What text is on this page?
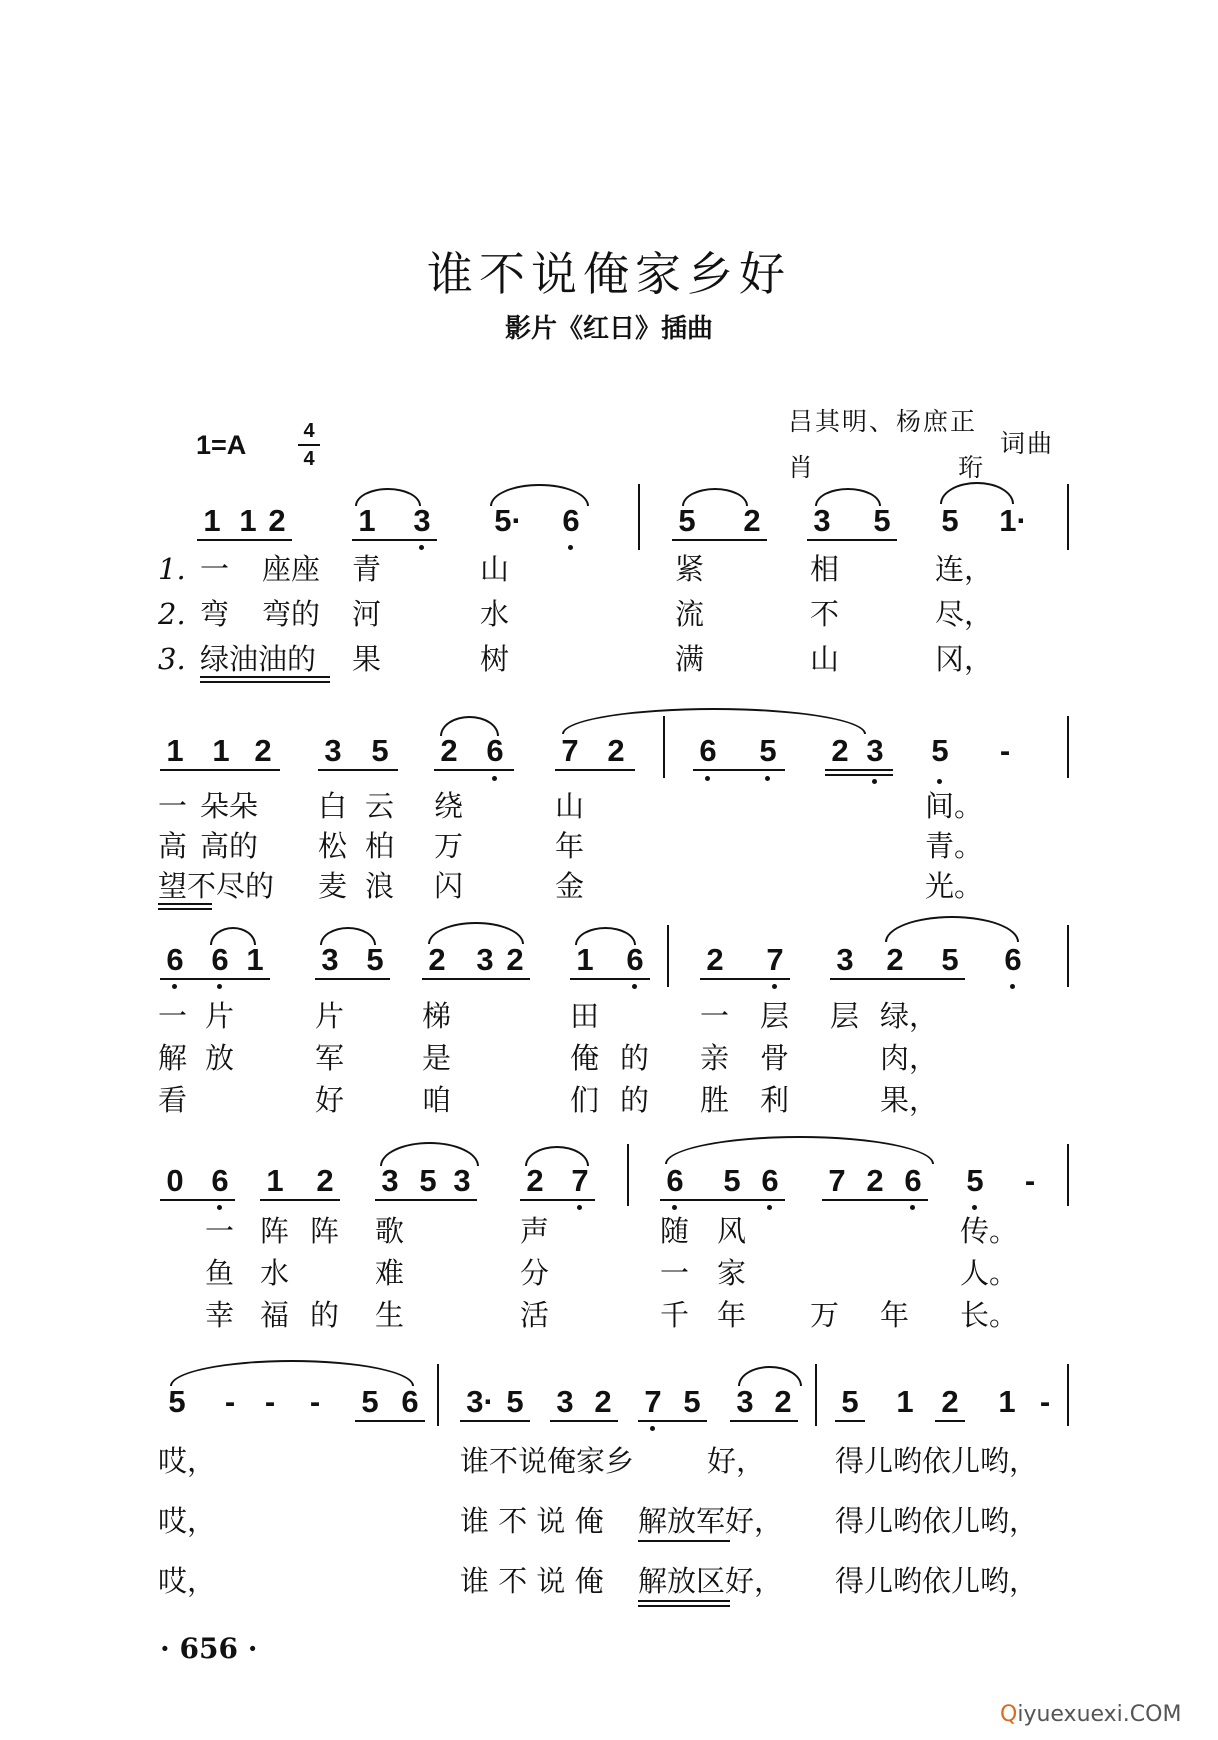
谁不说俺家乡好
影片《红日》插曲
吕其明、杨庶正
肖	珩
词曲
1=A	4
4
1 1 2 1 3 5· 6	5 2 3 5 5 1·
1.
2.
3.
一 座座 青	山	紧	相	连，
弯 弯的 河	水	流	不	尽，
绿油油的 果	树	满	山	冈，
1 1 2 3 5 2 6 7 2 6 5 2 3 5	-
一 朵朵 白 云 绕	山	间。
高 高的 松 柏 万	年	青。
望不尽的 麦 浪 闪	金	光。
6 6 1 3 5 2 3 2 1 6 2 7 3 2 5 6
一 片	片	梯	田	一 层 层 绿，
解 放	军	是	俺 的 亲 骨	肉，
看	好	咱	们 的 胜 利	果，
0 6 1 2 3 5 3 2 7	6 5 6 7 2 6 5	-
一 阵 阵 歌	声	随 风	传。
鱼 水	难	分	一 家	人。
幸 福 的 生	活	千 年 万 年 长。
5	- -	-	5 6 3· 5 3 2 7 5 3 2 5 1 2 1 -
哎，	谁不说俺家乡	好， 得儿哟依儿哟，
哎，	谁 不 说 俺 解放军好， 得儿哟依儿哟，
哎，	谁 不 说 俺 解放区好， 得儿哟依儿哟，
· 656 ·
Qiyuexuexi.COM
